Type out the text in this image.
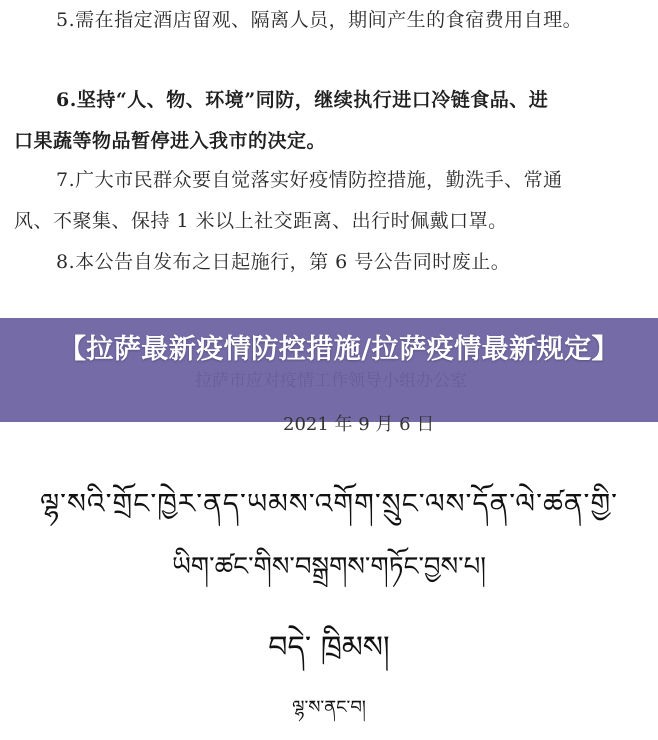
5.需在指定酒店留观、隔离人员，期间产生的食宿费用自理。

6.坚持“人、物、环境”同防，继续执行进口冷链食品、进
口果蔬等物品暂停进入我市的决定。

7.广大市民群众要自觉落实好疫情防控措施，勤洗手、常通
风、不聚集、保持 1 米以上社交距离、出行时佩戴口罩。

8.本公告自发布之日起施行，第 6 号公告同时废止。

【拉萨最新疫情防控措施/拉萨疫情最新规定】
2021 年 9 月 6 日
ལྷ་སའི་གྲོང་ཁྱེར་ནད་ཡམས་འགོག་སྲུང་ལས་དོན་ལེ་ཚན་གྱི་
ཡིག་ཚང་གིས་བསྒྲགས་གཏོང་བྱས་པ།
བདེ་ ཁྲིམས།
ལྷ་ས་ནང་བ།
